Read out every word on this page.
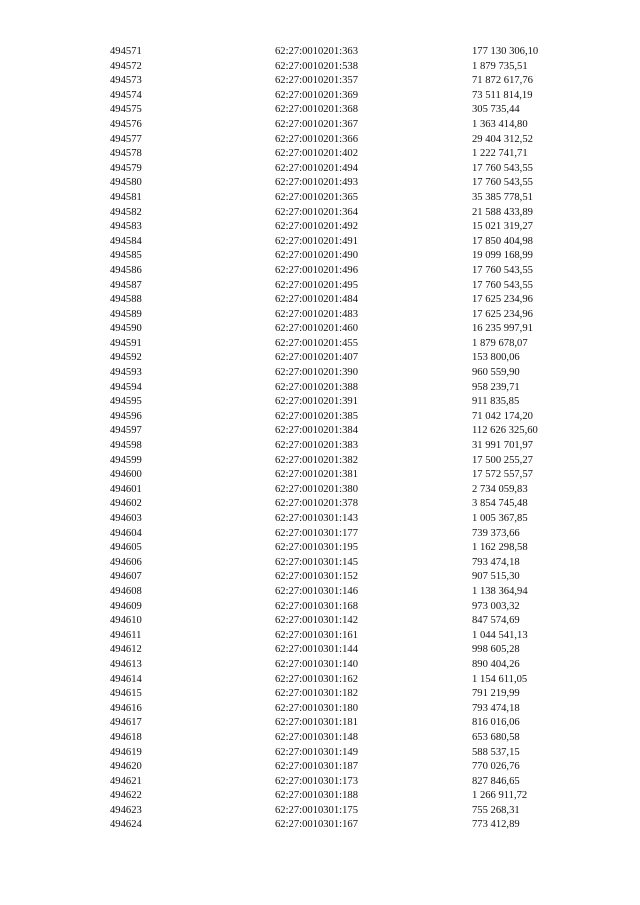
494571	62:27:0010201:363	177 130 306,10
494572	62:27:0010201:538	1 879 735,51
494573	62:27:0010201:357	71 872 617,76
494574	62:27:0010201:369	73 511 814,19
494575	62:27:0010201:368	305 735,44
494576	62:27:0010201:367	1 363 414,80
494577	62:27:0010201:366	29 404 312,52
494578	62:27:0010201:402	1 222 741,71
494579	62:27:0010201:494	17 760 543,55
494580	62:27:0010201:493	17 760 543,55
494581	62:27:0010201:365	35 385 778,51
494582	62:27:0010201:364	21 588 433,89
494583	62:27:0010201:492	15 021 319,27
494584	62:27:0010201:491	17 850 404,98
494585	62:27:0010201:490	19 099 168,99
494586	62:27:0010201:496	17 760 543,55
494587	62:27:0010201:495	17 760 543,55
494588	62:27:0010201:484	17 625 234,96
494589	62:27:0010201:483	17 625 234,96
494590	62:27:0010201:460	16 235 997,91
494591	62:27:0010201:455	1 879 678,07
494592	62:27:0010201:407	153 800,06
494593	62:27:0010201:390	960 559,90
494594	62:27:0010201:388	958 239,71
494595	62:27:0010201:391	911 835,85
494596	62:27:0010201:385	71 042 174,20
494597	62:27:0010201:384	112 626 325,60
494598	62:27:0010201:383	31 991 701,97
494599	62:27:0010201:382	17 500 255,27
494600	62:27:0010201:381	17 572 557,57
494601	62:27:0010201:380	2 734 059,83
494602	62:27:0010201:378	3 854 745,48
494603	62:27:0010301:143	1 005 367,85
494604	62:27:0010301:177	739 373,66
494605	62:27:0010301:195	1 162 298,58
494606	62:27:0010301:145	793 474,18
494607	62:27:0010301:152	907 515,30
494608	62:27:0010301:146	1 138 364,94
494609	62:27:0010301:168	973 003,32
494610	62:27:0010301:142	847 574,69
494611	62:27:0010301:161	1 044 541,13
494612	62:27:0010301:144	998 605,28
494613	62:27:0010301:140	890 404,26
494614	62:27:0010301:162	1 154 611,05
494615	62:27:0010301:182	791 219,99
494616	62:27:0010301:180	793 474,18
494617	62:27:0010301:181	816 016,06
494618	62:27:0010301:148	653 680,58
494619	62:27:0010301:149	588 537,15
494620	62:27:0010301:187	770 026,76
494621	62:27:0010301:173	827 846,65
494622	62:27:0010301:188	1 266 911,72
494623	62:27:0010301:175	755 268,31
494624	62:27:0010301:167	773 412,89
